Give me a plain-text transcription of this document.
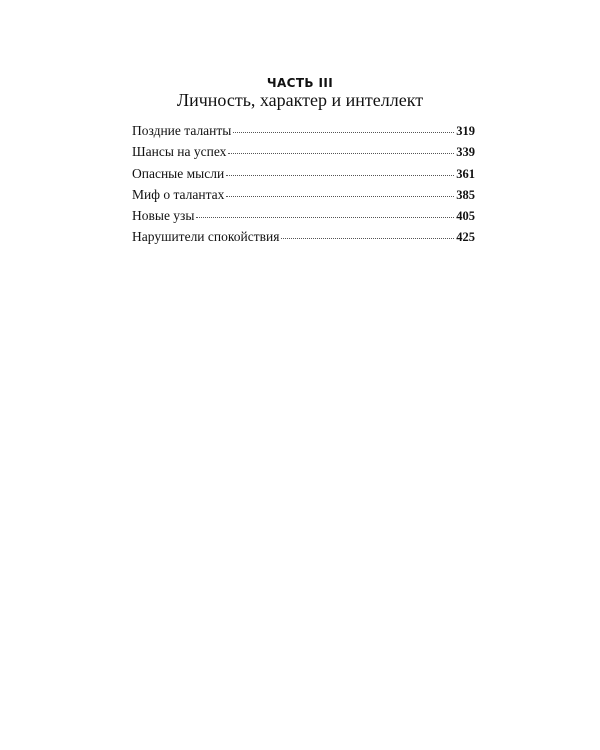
ЧАСТЬ III
Личность, характер и интеллект
Поздние таланты	319
Шансы на успех	339
Опасные мысли	361
Миф о талантах	385
Новые узы	405
Нарушители спокойствия	425
